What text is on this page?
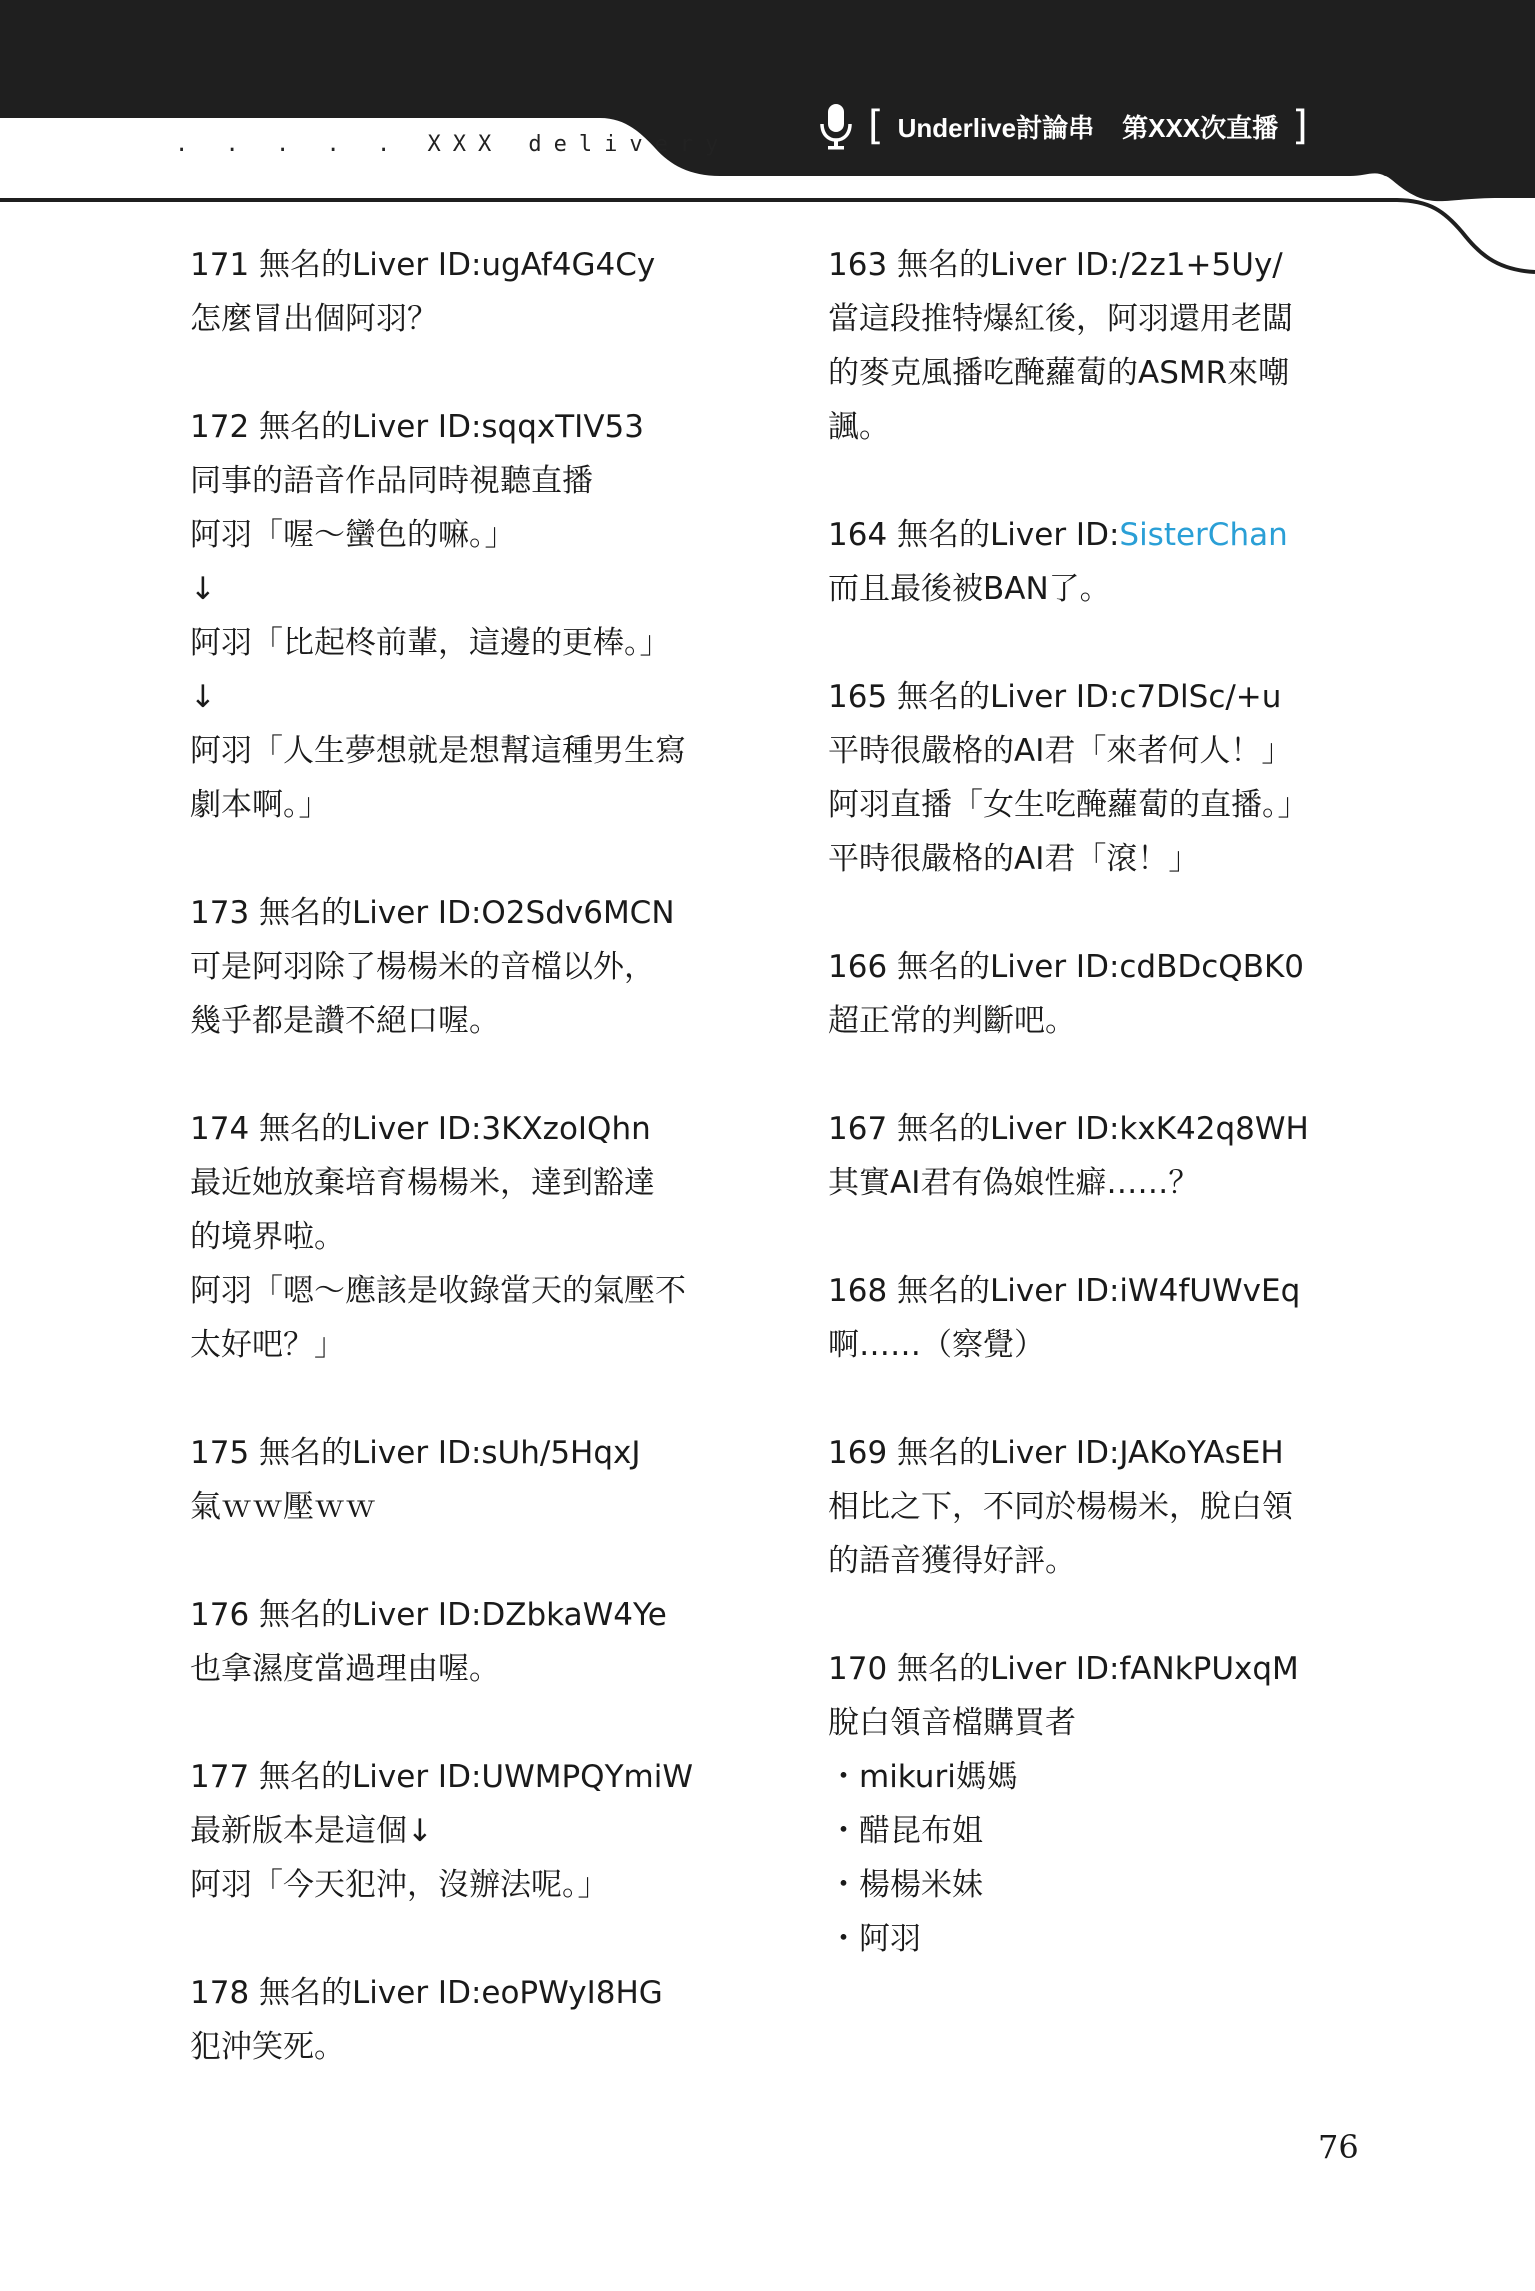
. . . . . XXX delivery	[ Underlive討論串 第XXX次直播 ]
171 無名的Liver ID:ugAf4G4Cy
怎麼冒出個阿羽？
172 無名的Liver ID:sqqxTIV53
同事的語音作品同時視聽直播
阿羽「喔～蠻色的嘛。」
↓
阿羽「比起柊前輩，這邊的更棒。」
↓
阿羽「人生夢想就是想幫這種男生寫
劇本啊。」
173 無名的Liver ID:O2Sdv6MCN
可是阿羽除了楊楊米的音檔以外，
幾乎都是讚不絕口喔。
174 無名的Liver ID:3KXzoIQhn
最近她放棄培育楊楊米，達到豁達
的境界啦。
阿羽「嗯～應該是收錄當天的氣壓不
太好吧？」
175 無名的Liver ID:sUh/5HqxJ
氣ｗｗ壓ｗｗ
176 無名的Liver ID:DZbkaW4Ye
也拿濕度當過理由喔。
177 無名的Liver ID:UWMPQYmiW
最新版本是這個↓
阿羽「今天犯沖，沒辦法呢。」
178 無名的Liver ID:eoPWyI8HG
犯沖笑死。
163 無名的Liver ID:/2z1+5Uy/
當這段推特爆紅後，阿羽還用老闆
的麥克風播吃醃蘿蔔的ASMR來嘲
諷。
164 無名的Liver ID:SisterChan
而且最後被BAN了。
165 無名的Liver ID:c7DlSc/+u
平時很嚴格的AI君「來者何人！」
阿羽直播「女生吃醃蘿蔔的直播。」
平時很嚴格的AI君「滾！」
166 無名的Liver ID:cdBDcQBK0
超正常的判斷吧。
167 無名的Liver ID:kxK42q8WH
其實AI君有偽娘性癖……？
168 無名的Liver ID:iW4fUWvEq
啊……（察覺）
169 無名的Liver ID:JAKoYAsEH
相比之下，不同於楊楊米，脫白領
的語音獲得好評。
170 無名的Liver ID:fANkPUxqM
脫白領音檔購買者
・mikuri媽媽
・醋昆布姐
・楊楊米妹
・阿羽
76
